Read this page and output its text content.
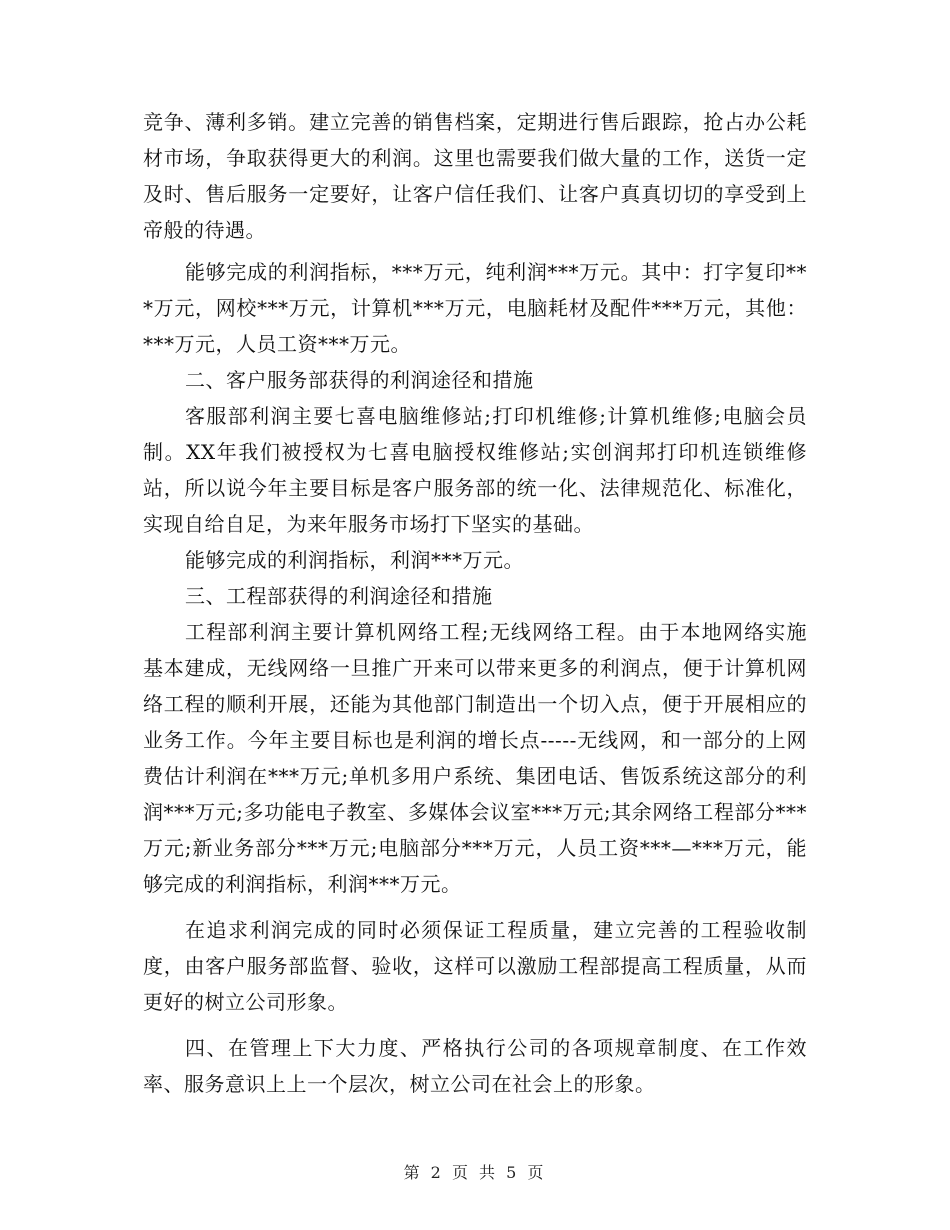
竞争、薄利多销。建立完善的销售档案，定期进行售后跟踪，抢占办公耗材市场，争取获得更大的利润。这里也需要我们做大量的工作，送货一定及时、售后服务一定要好，让客户信任我们、让客户真真切切的享受到上帝般的待遇。

能够完成的利润指标，***万元，纯利润***万元。其中：打字复印***万元，网校***万元，计算机***万元，电脑耗材及配件***万元，其他：***万元，人员工资***万元。

二、客户服务部获得的利润途径和措施

客服部利润主要七喜电脑维修站;打印机维修;计算机维修;电脑会员制。XX年我们被授权为七喜电脑授权维修站;实创润邦打印机连锁维修站，所以说今年主要目标是客户服务部的统一化、法律规范化、标准化，实现自给自足，为来年服务市场打下坚实的基础。

能够完成的利润指标，利润***万元。

三、工程部获得的利润途径和措施

工程部利润主要计算机网络工程;无线网络工程。由于本地网络实施基本建成，无线网络一旦推广开来可以带来更多的利润点，便于计算机网络工程的顺利开展，还能为其他部门制造出一个切入点，便于开展相应的业务工作。今年主要目标也是利润的增长点-----无线网，和一部分的上网费估计利润在***万元;单机多用户系统、集团电话、售饭系统这部分的利润***万元;多功能电子教室、多媒体会议室***万元;其余网络工程部分***万元;新业务部分***万元;电脑部分***万元，人员工资***—***万元，能够完成的利润指标，利润***万元。

在追求利润完成的同时必须保证工程质量，建立完善的工程验收制度，由客户服务部监督、验收，这样可以激励工程部提高工程质量，从而更好的树立公司形象。

四、在管理上下大力度、严格执行公司的各项规章制度、在工作效率、服务意识上上一个层次，树立公司在社会上的形象。

第 2 页 共 5 页
